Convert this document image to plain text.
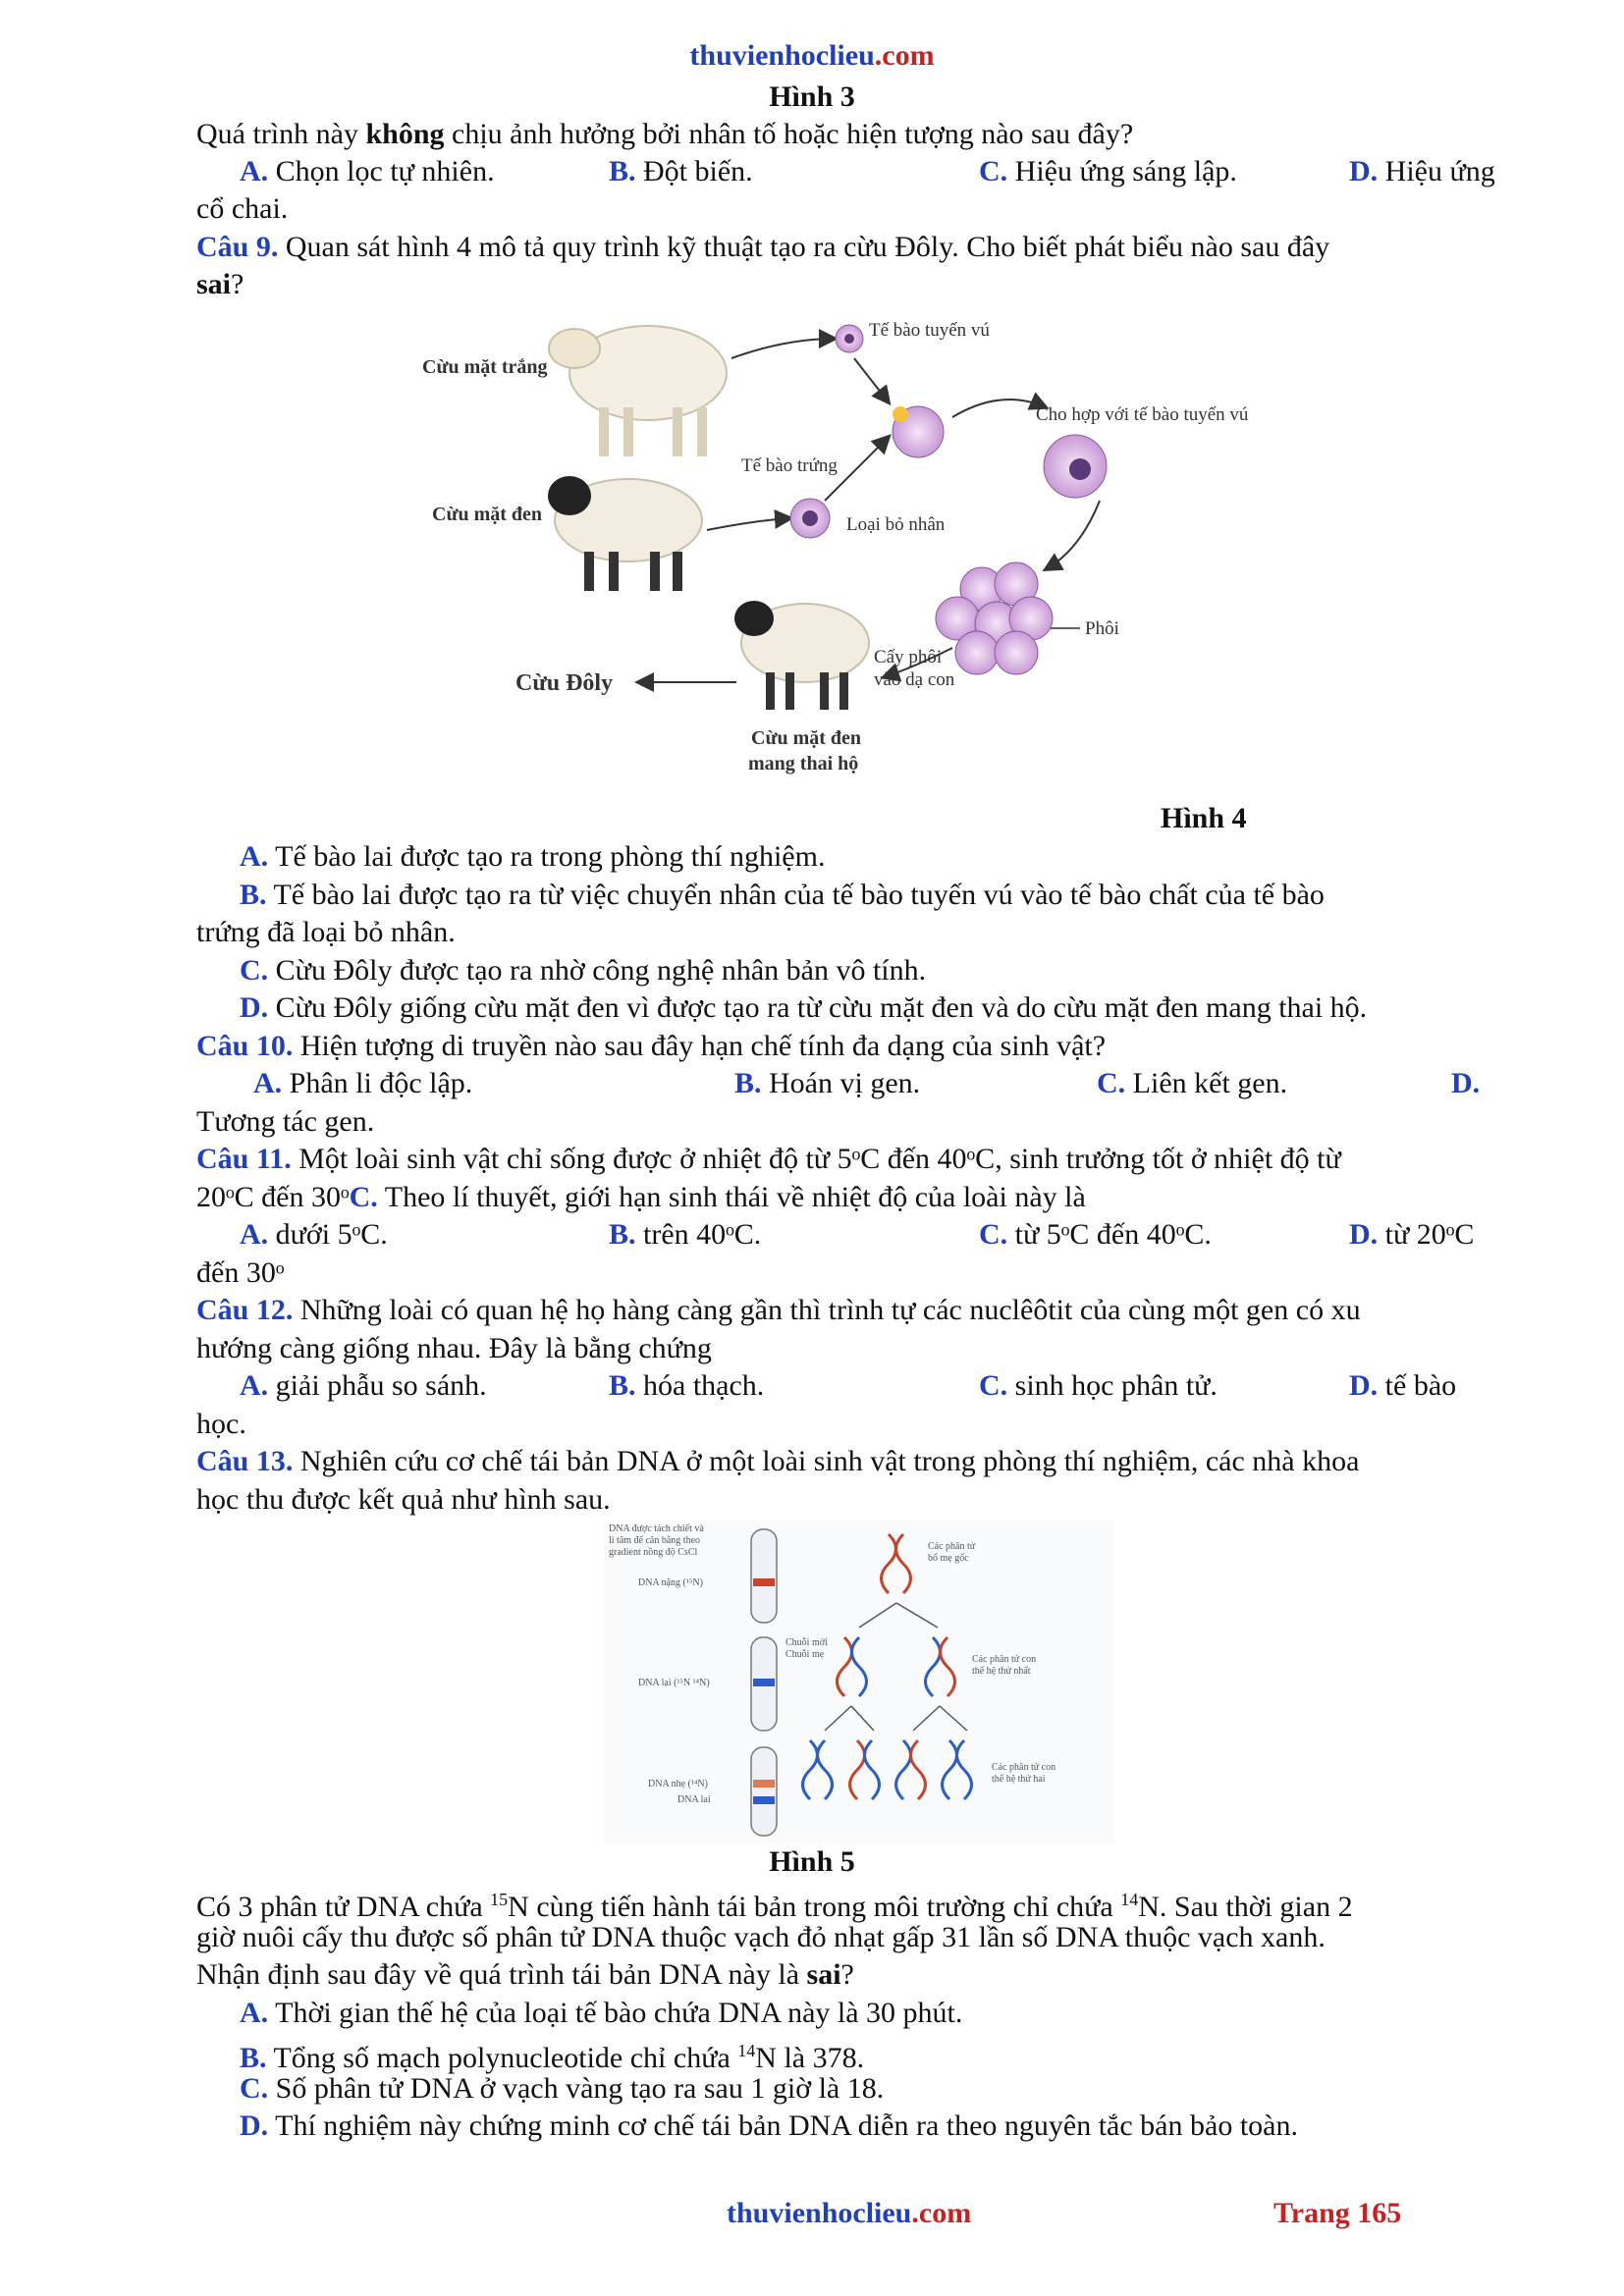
thuvienhoclieu.com
Hình 3
Quá trình này không chịu ảnh hưởng bởi nhân tố hoặc hiện tượng nào sau đây?
A. Chọn lọc tự nhiên.	B. Đột biến.	C. Hiệu ứng sáng lập.	D. Hiệu ứng
cổ chai.
Câu 9. Quan sát hình 4 mô tả quy trình kỹ thuật tạo ra cừu Đôly. Cho biết phát biểu nào sau đây
sai?
Cừu mặt trắng
Cừu mặt đen
Tế bào tuyến vú
Tế bào trứng
Loại bỏ nhân
Cho hợp với tế bào tuyến vú
Phôi
Cấy phôi
vào dạ con
Cừu mặt đen
mang thai hộ
Cừu Đôly
Hình 4
A. Tế bào lai được tạo ra trong phòng thí nghiệm.
B. Tế bào lai được tạo ra từ việc chuyển nhân của tế bào tuyến vú vào tế bào chất của tế bào
trứng đã loại bỏ nhân.
C. Cừu Đôly được tạo ra nhờ công nghệ nhân bản vô tính.
D. Cừu Đôly giống cừu mặt đen vì được tạo ra từ cừu mặt đen và do cừu mặt đen mang thai hộ.
Câu 10. Hiện tượng di truyền nào sau đây hạn chế tính đa dạng của sinh vật?
A. Phân li độc lập.	B. Hoán vị gen.	C. Liên kết gen.	D.
Tương tác gen.
Câu 11. Một loài sinh vật chỉ sống được ở nhiệt độ từ 5ᵒC đến 40ᵒC, sinh trưởng tốt ở nhiệt độ từ
20ᵒC đến 30ᵒC. Theo lí thuyết, giới hạn sinh thái về nhiệt độ của loài này là
A. dưới 5ᵒC.	B. trên 40ᵒC.	C. từ 5ᵒC đến 40ᵒC.	D. từ 20ᵒC
đến 30ᵒ
Câu 12. Những loài có quan hệ họ hàng càng gần thì trình tự các nuclêôtit của cùng một gen có xu
hướng càng giống nhau. Đây là bằng chứng
A. giải phẫu so sánh.	B. hóa thạch.	C. sinh học phân tử.	D. tế bào
học.
Câu 13. Nghiên cứu cơ chế tái bản DNA ở một loài sinh vật trong phòng thí nghiệm, các nhà khoa
học thu được kết quả như hình sau.
DNA được tách chiết và
li tâm để cân bằng theo
gradient nồng độ CsCl
DNA nặng (¹⁵N)
DNA lai (¹⁵N ¹⁴N)
DNA nhẹ (¹⁴N)
DNA lai
Các phân tử
bố mẹ gốc
Chuỗi mới
Chuỗi mẹ	Các phân tử con
thế hệ thứ nhất
Các phân tử con
thế hệ thứ hai
Hình 5
Có 3 phân tử DNA chứa $^{15}$N cùng tiến hành tái bản trong môi trường chỉ chứa $^{14}$N. Sau thời gian 2
giờ nuôi cấy thu được số phân tử DNA thuộc vạch đỏ nhạt gấp 31 lần số DNA thuộc vạch xanh.
Nhận định sau đây về quá trình tái bản DNA này là sai?
A. Thời gian thế hệ của loại tế bào chứa DNA này là 30 phút.
B. Tổng số mạch polynucleotide chỉ chứa $^{14}$N là 378.
C. Số phân tử DNA ở vạch vàng tạo ra sau 1 giờ là 18.
D. Thí nghiệm này chứng minh cơ chế tái bản DNA diễn ra theo nguyên tắc bán bảo toàn.
thuvienhoclieu.com	Trang 165
